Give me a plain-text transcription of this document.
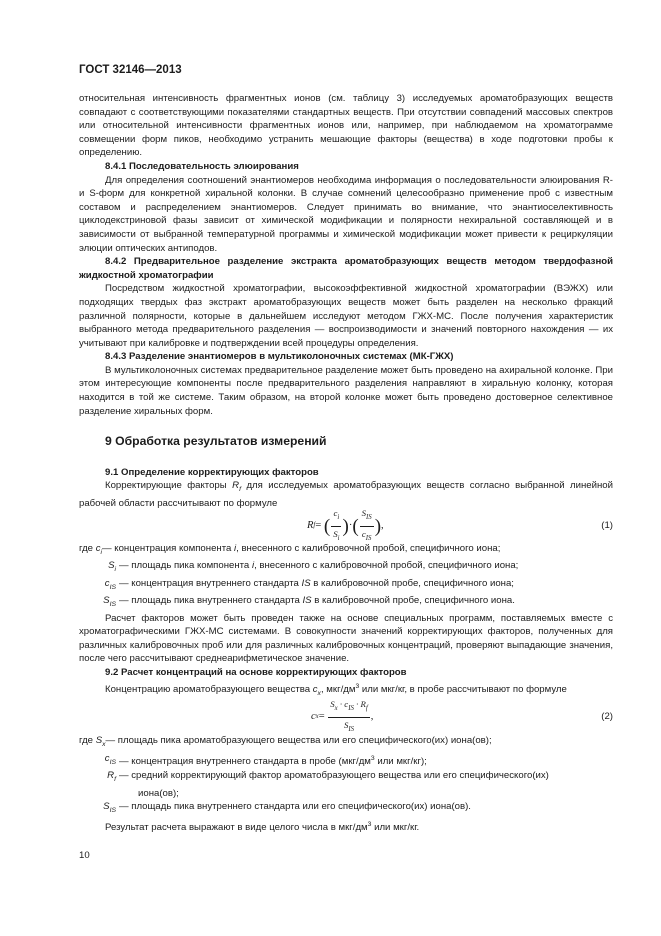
ГОСТ 32146—2013

относительная интенсивность фрагментных ионов (см. таблицу 3) исследуемых ароматобразующих веществ совпадают с соответствующими показателями стандартных веществ. При отсутствии совпадений массовых спектров или относительной интенсивности фрагментных ионов или, например, при наблюдаемом на хроматограмме совмещении форм пиков, необходимо устранить мешающие факторы (вещества) в ходе подготовки пробы к определению.

8.4.1 Последовательность элюирования

Для определения соотношений энантиомеров необходима информация о последовательности элюирования R- и S-форм для конкретной хиральной колонки. В случае сомнений целесообразно применение проб с известным составом и распределением энантиомеров. Следует принимать во внимание, что энантиоселективность циклодекстриновой фазы зависит от химической модификации и полярности нехиральной составляющей и в зависимости от выбранной температурной программы и химической модификации может привести к рециркуляции элюции оптических антиподов.

8.4.2 Предварительное разделение экстракта ароматобразующих веществ методом твердофазной жидкостной хроматографии

Посредством жидкостной хроматографии, высокоэффективной жидкостной хроматографии (ВЭЖХ) или подходящих твердых фаз экстракт ароматобразующих веществ может быть разделен на несколько фракций различной полярности, которые в дальнейшем исследуют методом ГЖХ-МС. После получения характеристик выбранного метода предварительного разделения — воспроизводимости и значений повторного нахождения — их учитывают при калибровке и подтверждении всей процедуры определения.

8.4.3 Разделение энантиомеров в мультиколоночных системах (МК-ГЖХ)

В мультиколоночных системах предварительное разделение может быть проведено на ахиральной колонке. При этом интересующие компоненты после предварительного разделения направляют в хиральную колонку, которая находится в той же системе. Таким образом, на второй колонке может быть проведено достоверное селективное разделение хиральных форм.

9 Обработка результатов измерений

9.1 Определение корректирующих факторов

Корректирующие факторы $R_f$ для исследуемых ароматобразующих веществ согласно выбранной линейной рабочей области рассчитывают по формуле

R f =
( $\frac{c_i}{S_i}$ ) · ( $\frac{S_{IS}}{c_{IS}}$ ) ,	(1)
где
$c_i$ — концентрация компонента i, внесенного с калибровочной пробой, специфичного иона;
$S_i$ — площадь пика компонента i, внесенного с калибровочной пробой, специфичного иона;
$c_{IS}$ — концентрация внутреннего стандарта IS в калибровочной пробе, специфичного иона;
$S_{IS}$ — площадь пика внутреннего стандарта IS в калибровочной пробе, специфичного иона.

Расчет факторов может быть проведен также на основе специальных программ, поставляемых вместе с хроматографическими ГЖХ-МС системами. В совокупности значений корректирующих факторов, полученных для различных калибровочных проб или для различных калибровочных концентраций, проверяют выпадающие значения, после чего рассчитывают среднеарифметическое значение.

9.2 Расчет концентраций на основе корректирующих факторов

Концентрацию ароматобразующего вещества $c_x$, мкг/$дм^3$ или мкг/кг, в пробе рассчитывают по формуле

c x =
$\frac{S_x \cdot c_{IS} \cdot R_f}{S_{IS}}$ ,	(2)
где
$S_x$ — площадь пика ароматобразующего вещества или его специфического(их) иона(ов);
$c_{IS}$ — концентрация внутреннего стандарта в пробе ($мкг/дм^3$ или мкг/кг);
$R_f$ — средний корректирующий фактор ароматобразующего вещества или его специфического(их)

иона(ов);

$S_{IS}$ — площадь пика внутреннего стандарта или его специфического(их) иона(ов).

Результат расчета выражают в виде целого числа в мкг/$дм^3$ или мкг/кг.

10
